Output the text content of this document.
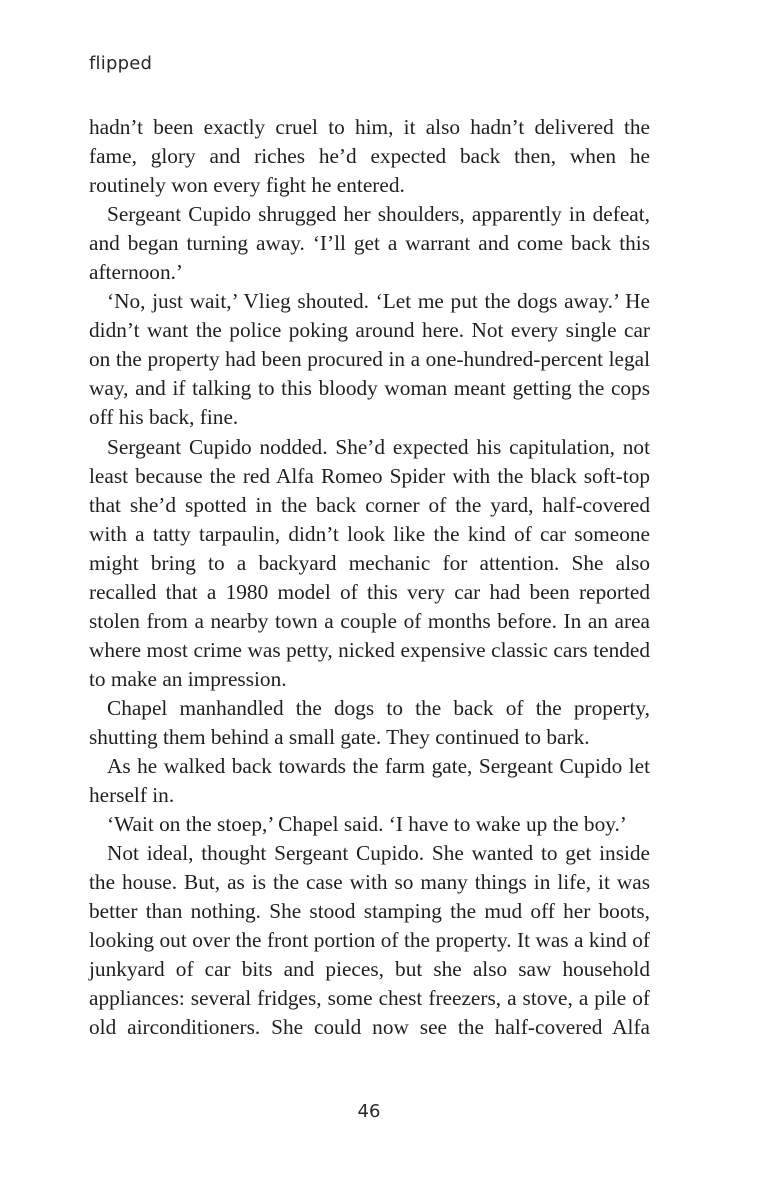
flipped

hadn’t been exactly cruel to him, it also hadn’t delivered the fame, glory and riches he’d expected back then, when he routinely won every fight he entered.

Sergeant Cupido shrugged her shoulders, apparently in defeat, and began turning away. ‘I’ll get a warrant and come back this afternoon.’

‘No, just wait,’ Vlieg shouted. ‘Let me put the dogs away.’ He didn’t want the police poking around here. Not every single car on the property had been procured in a one-hundred-percent legal way, and if talking to this bloody woman meant getting the cops off his back, fine.

Sergeant Cupido nodded. She’d expected his capitulation, not least because the red Alfa Romeo Spider with the black soft-top that she’d spotted in the back corner of the yard, half-covered with a tatty tarpaulin, didn’t look like the kind of car someone might bring to a backyard mechanic for attention. She also recalled that a 1980 model of this very car had been reported stolen from a nearby town a couple of months before. In an area where most crime was petty, nicked expensive classic cars tended to make an impression.

Chapel manhandled the dogs to the back of the property, shutting them behind a small gate. They continued to bark.

As he walked back towards the farm gate, Sergeant Cupido let herself in.

‘Wait on the stoep,’ Chapel said. ‘I have to wake up the boy.’

Not ideal, thought Sergeant Cupido. She wanted to get inside the house. But, as is the case with so many things in life, it was better than nothing. She stood stamping the mud off her boots, looking out over the front portion of the property. It was a kind of junkyard of car bits and pieces, but she also saw household appliances: several fridges, some chest freezers, a stove, a pile of old airconditioners. She could now see the half-covered Alfa

46
